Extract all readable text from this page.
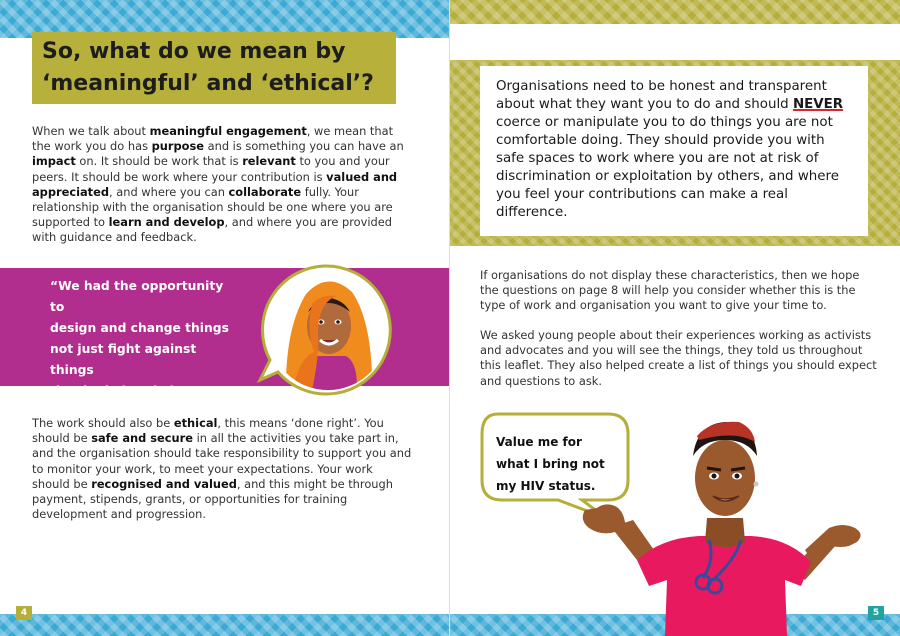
So, what do we mean by
‘meaningful’ and ‘ethical’?

When we talk about meaningful engagement, we mean that the work you do has purpose and is something you can have an impact on. It should be work that is relevant to you and your peers. It should be work where your contribution is valued and appreciated, and where you can collaborate fully. Your relationship with the organisation should be one where you are supported to learn and develop, and where you are provided with guidance and feedback.

“We had the opportunity to
design and change things
not just fight against things
that had already been
decided.”

The work should also be ethical, this means ‘done right’. You should be safe and secure in all the activities you take part in, and the organisation should take responsibility to support you and to monitor your work, to meet your expectations. Your work should be recognised and valued, and this might be through payment, stipends, grants, or opportunities for training development and progression.

4

If organisations do not display these characteristics, then we hope the questions on page 8 will help you consider whether this is the type of work and organisation you want to give your time to.

We asked young people about their experiences working as activists and advocates and you will see the things, they told us throughout this leaflet. They also helped create a list of things you should expect and questions to ask.

5

Organisations need to be honest and transparent about what they want you to do and should NEVER coerce or manipulate you to do things you are not comfortable doing. They should provide you with safe spaces to work where you are not at risk of discrimination or exploitation by others, and where you feel your contributions can make a real difference.

Value me for
what I bring not
my HIV status.
